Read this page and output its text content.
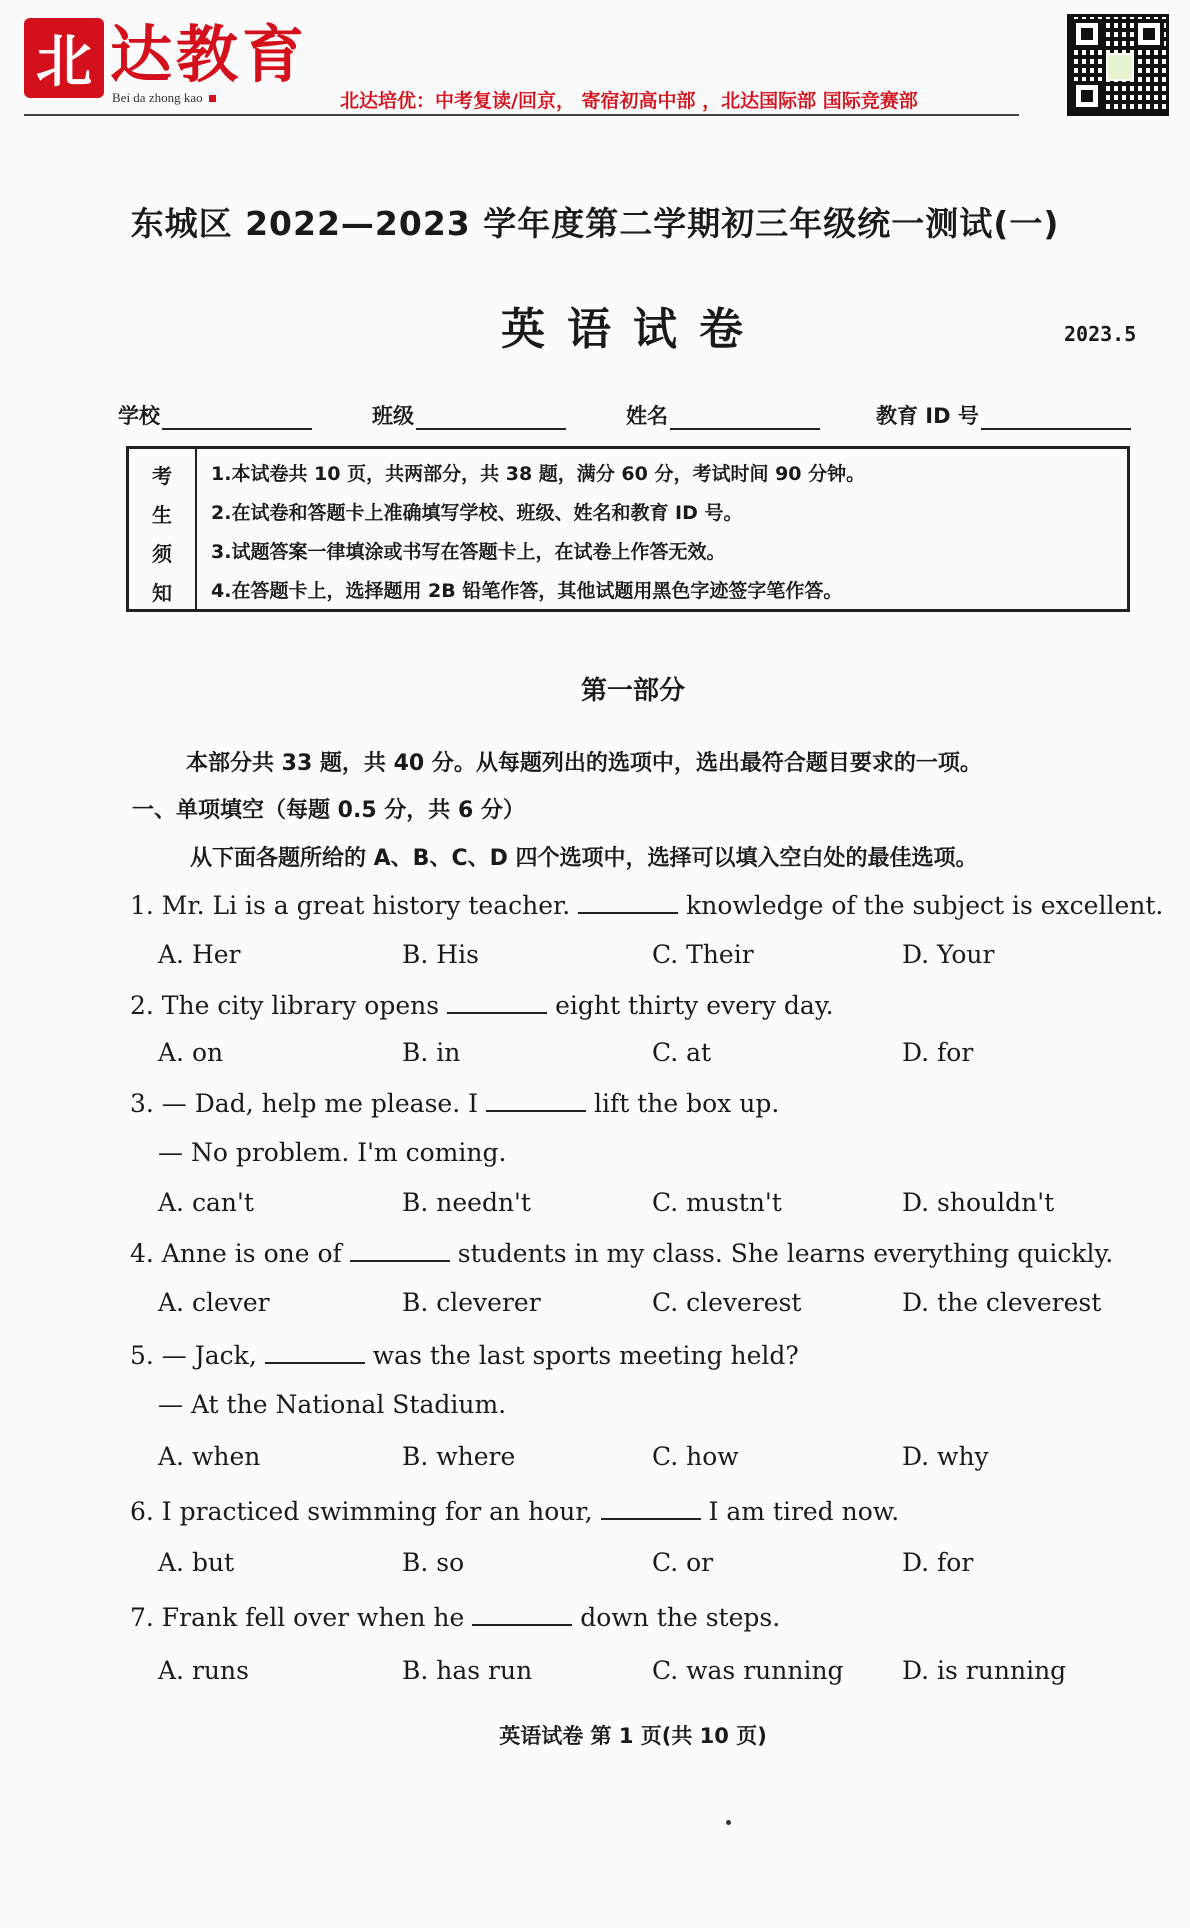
北 达教育
Bei da zhong kao	北达培优：中考复读/回京， 寄宿初高中部 ，北达国际部 国际竞赛部
东城区 2022—2023 学年度第二学期初三年级统一测试(一)
英语试卷	2023.5
学校	班级	姓名	教育 ID 号
考
生
须
知
1.本试卷共 10 页，共两部分，共 38 题，满分 60 分，考试时间 90 分钟。
2.在试卷和答题卡上准确填写学校、班级、姓名和教育 ID 号。
3.试题答案一律填涂或书写在答题卡上，在试卷上作答无效。
4.在答题卡上，选择题用 2B 铅笔作答，其他试题用黑色字迹签字笔作答。
第一部分
本部分共 33 题，共 40 分。从每题列出的选项中，选出最符合题目要求的一项。
一、单项填空（每题 0.5 分，共 6 分）
从下面各题所给的 A、B、C、D 四个选项中，选择可以填入空白处的最佳选项。
1. Mr. Li is a great history teacher.	knowledge of the subject is excellent.
A. Her	B. His	C. Their	D. Your
2. The city library opens	eight thirty every day.
A. on	B. in	C. at	D. for
3. — Dad, help me please. I	lift the box up.
— No problem. I'm coming.
A. can't	B. needn't	C. mustn't	D. shouldn't
4. Anne is one of	students in my class. She learns everything quickly.
A. clever	B. cleverer	C. cleverest	D. the cleverest
5. — Jack,	was the last sports meeting held?
— At the National Stadium.
A. when	B. where	C. how	D. why
6. I practiced swimming for an hour,	I am tired now.
A. but	B. so	C. or	D. for
7. Frank fell over when he	down the steps.
A. runs	B. has run	C. was running D. is running
英语试卷 第 1 页(共 10 页)
